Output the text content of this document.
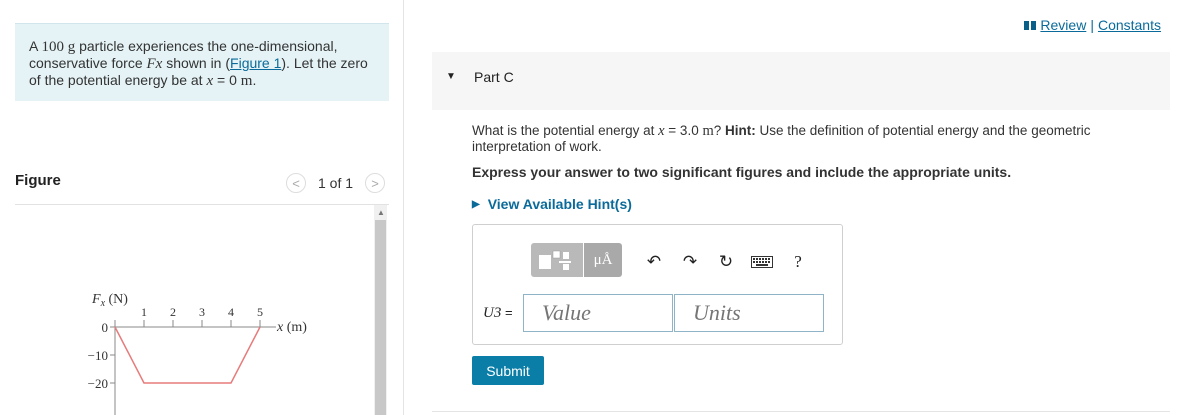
A 100 g particle experiences the one-dimensional, conservative force Fx shown in (Figure 1). Let the zero of the potential energy be at x = 0 m.
Figure	<	1 of 1	>
$F_x$ (N)
1 2 3 4 5
0
−10
−20
x (m)
▲
Review | Constants
▼ Part C
What is the potential energy at x = 3.0 m? Hint: Use the definition of potential energy and the geometric interpretation of work.
Express your answer to two significant figures and include the appropriate units.
▶ View Available Hint(s)
μÅ	↶	↷	↻	?
U3 =
Value
Units
Submit
